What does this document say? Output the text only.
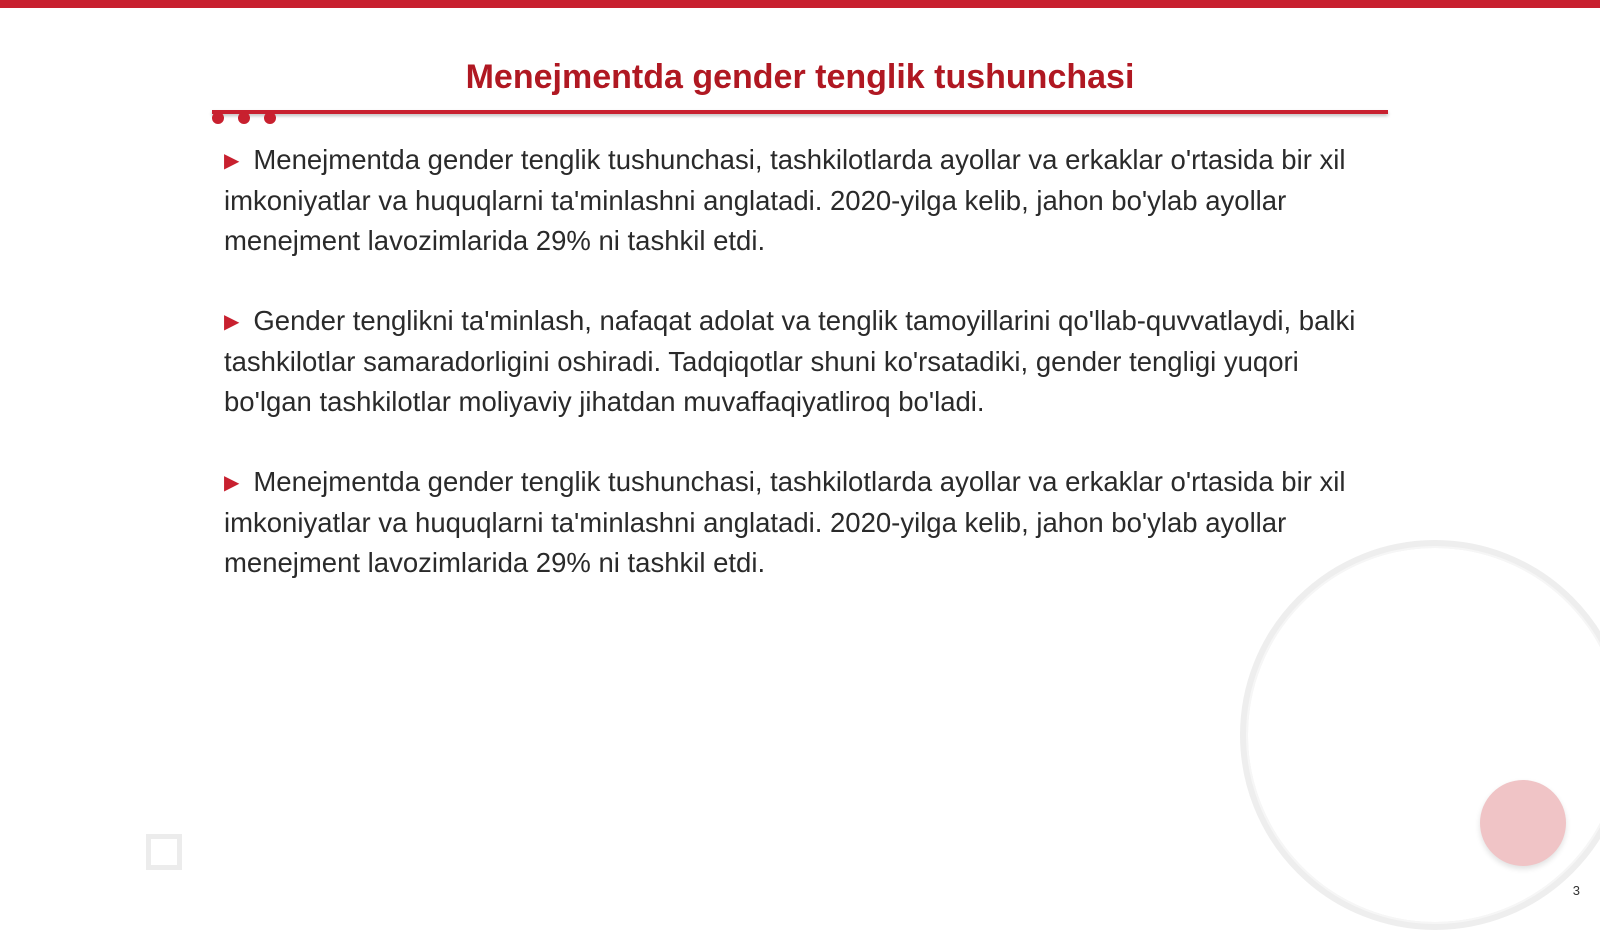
Menejmentda gender tenglik tushunchasi

▶ Menejmentda gender tenglik tushunchasi, tashkilotlarda ayollar va erkaklar o'rtasida bir xil imkoniyatlar va huquqlarni ta'minlashni anglatadi. 2020-yilga kelib, jahon bo'ylab ayollar menejment lavozimlarida 29% ni tashkil etdi.

▶ Gender tenglikni ta'minlash, nafaqat adolat va tenglik tamoyillarini qo'llab-quvvatlaydi, balki tashkilotlar samaradorligini oshiradi. Tadqiqotlar shuni ko'rsatadiki, gender tengligi yuqori bo'lgan tashkilotlar moliyaviy jihatdan muvaffaqiyatliroq bo'ladi.

▶ Menejmentda gender tenglik tushunchasi, tashkilotlarda ayollar va erkaklar o'rtasida bir xil imkoniyatlar va huquqlarni ta'minlashni anglatadi. 2020-yilga kelib, jahon bo'ylab ayollar menejment lavozimlarida 29% ni tashkil etdi.

3
